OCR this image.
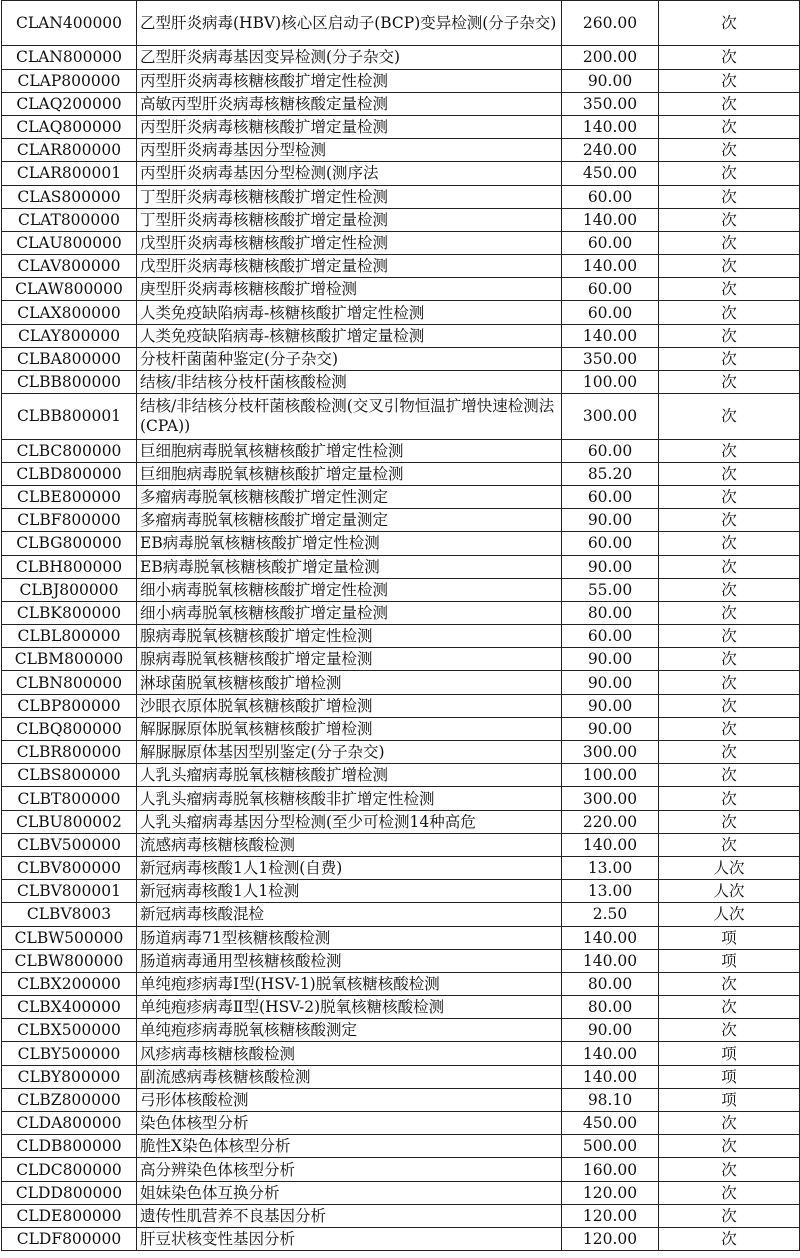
CLAN400000	乙型肝炎病毒(HBV)核心区启动子(BCP)变异检测(分子杂交)	260.00	次
CLAN800000	乙型肝炎病毒基因变异检测(分子杂交)	200.00	次
CLAP800000	丙型肝炎病毒核糖核酸扩增定性检测	90.00	次
CLAQ200000	高敏丙型肝炎病毒核糖核酸定量检测	350.00	次
CLAQ800000	丙型肝炎病毒核糖核酸扩增定量检测	140.00	次
CLAR800000	丙型肝炎病毒基因分型检测	240.00	次
CLAR800001	丙型肝炎病毒基因分型检测(测序法	450.00	次
CLAS800000	丁型肝炎病毒核糖核酸扩增定性检测	60.00	次
CLAT800000	丁型肝炎病毒核糖核酸扩增定量检测	140.00	次
CLAU800000	戊型肝炎病毒核糖核酸扩增定性检测	60.00	次
CLAV800000	戊型肝炎病毒核糖核酸扩增定量检测	140.00	次
CLAW800000	庚型肝炎病毒核糖核酸扩增检测	60.00	次
CLAX800000	人类免疫缺陷病毒-核糖核酸扩增定性检测	60.00	次
CLAY800000	人类免疫缺陷病毒-核糖核酸扩增定量检测	140.00	次
CLBA800000	分枝杆菌菌种鉴定(分子杂交)	350.00	次
CLBB800000	结核/非结核分枝杆菌核酸检测	100.00	次
CLBB800001	结核/非结核分枝杆菌核酸检测(交叉引物恒温扩增快速检测法(CPA))	300.00	次
CLBC800000	巨细胞病毒脱氧核糖核酸扩增定性检测	60.00	次
CLBD800000	巨细胞病毒脱氧核糖核酸扩增定量检测	85.20	次
CLBE800000	多瘤病毒脱氧核糖核酸扩增定性测定	60.00	次
CLBF800000	多瘤病毒脱氧核糖核酸扩增定量测定	90.00	次
CLBG800000	EB病毒脱氧核糖核酸扩增定性检测	60.00	次
CLBH800000	EB病毒脱氧核糖核酸扩增定量检测	90.00	次
CLBJ800000	细小病毒脱氧核糖核酸扩增定性检测	55.00	次
CLBK800000	细小病毒脱氧核糖核酸扩增定量检测	80.00	次
CLBL800000	腺病毒脱氧核糖核酸扩增定性检测	60.00	次
CLBM800000	腺病毒脱氧核糖核酸扩增定量检测	90.00	次
CLBN800000	淋球菌脱氧核糖核酸扩增检测	90.00	次
CLBP800000	沙眼衣原体脱氧核糖核酸扩增检测	90.00	次
CLBQ800000	解脲脲原体脱氧核糖核酸扩增检测	90.00	次
CLBR800000	解脲脲原体基因型别鉴定(分子杂交)	300.00	次
CLBS800000	人乳头瘤病毒脱氧核糖核酸扩增检测	100.00	次
CLBT800000	人乳头瘤病毒脱氧核糖核酸非扩增定性检测	300.00	次
CLBU800002	人乳头瘤病毒基因分型检测(至少可检测14种高危	220.00	次
CLBV500000	流感病毒核糖核酸检测	140.00	次
CLBV800000	新冠病毒核酸1人1检测(自费)	13.00	人次
CLBV800001	新冠病毒核酸1人1检测	13.00	人次
CLBV8003	新冠病毒核酸混检	2.50	人次
CLBW500000	肠道病毒71型核糖核酸检测	140.00	项
CLBW800000	肠道病毒通用型核糖核酸检测	140.00	项
CLBX200000	单纯疱疹病毒Ⅰ型(HSV-1)脱氧核糖核酸检测	80.00	次
CLBX400000	单纯疱疹病毒Ⅱ型(HSV-2)脱氧核糖核酸检测	80.00	次
CLBX500000	单纯疱疹病毒脱氧核糖核酸测定	90.00	次
CLBY500000	风疹病毒核糖核酸检测	140.00	项
CLBY800000	副流感病毒核糖核酸检测	140.00	项
CLBZ800000	弓形体核酸检测	98.10	项
CLDA800000	染色体核型分析	450.00	次
CLDB800000	脆性X染色体核型分析	500.00	次
CLDC800000	高分辨染色体核型分析	160.00	次
CLDD800000	姐妹染色体互换分析	120.00	次
CLDE800000	遗传性肌营养不良基因分析	120.00	次
CLDF800000	肝豆状核变性基因分析	120.00	次
